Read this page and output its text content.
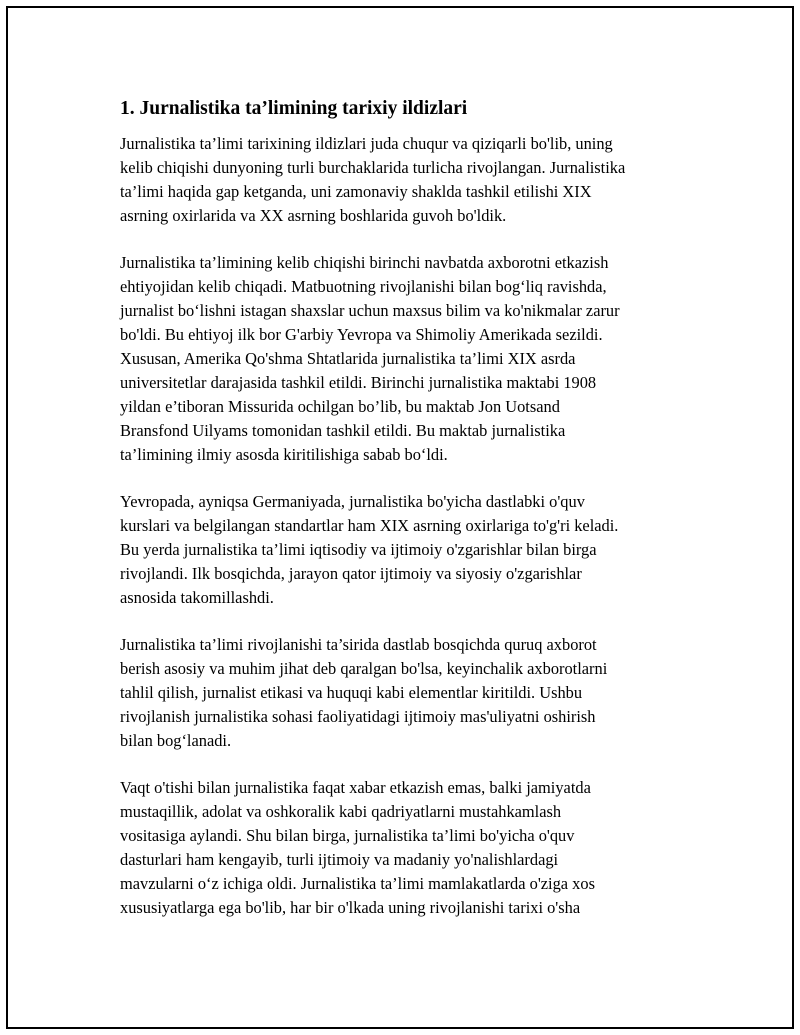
1. Jurnalistika ta’limining tarixiy ildizlari

Jurnalistika ta’limi tarixining ildizlari juda chuqur va qiziqarli bo'lib, uning
kelib chiqishi dunyoning turli burchaklarida turlicha rivojlangan. Jurnalistika
ta’limi haqida gap ketganda, uni zamonaviy shaklda tashkil etilishi XIX
asrning oxirlarida va XX asrning boshlarida guvoh bo'ldik.

Jurnalistika ta’limining kelib chiqishi birinchi navbatda axborotni etkazish
ehtiyojidan kelib chiqadi. Matbuotning rivojlanishi bilan bog‘liq ravishda,
jurnalist bo‘lishni istagan shaxslar uchun maxsus bilim va ko'nikmalar zarur
bo'ldi. Bu ehtiyoj ilk bor G'arbiy Yevropa va Shimoliy Amerikada sezildi.
Xususan, Amerika Qo'shma Shtatlarida jurnalistika ta’limi XIX asrda
universitetlar darajasida tashkil etildi. Birinchi jurnalistika maktabi 1908
yildan e’tiboran Missurida ochilgan bo’lib, bu maktab Jon Uotsand
Bransfond Uilyams tomonidan tashkil etildi. Bu maktab jurnalistika
ta’limining ilmiy asosda kiritilishiga sabab bo‘ldi.

Yevropada, ayniqsa Germaniyada, jurnalistika bo'yicha dastlabki o'quv
kurslari va belgilangan standartlar ham XIX asrning oxirlariga to'g'ri keladi.
Bu yerda jurnalistika ta’limi iqtisodiy va ijtimoiy o'zgarishlar bilan birga
rivojlandi. Ilk bosqichda, jarayon qator ijtimoiy va siyosiy o'zgarishlar
asnosida takomillashdi.

Jurnalistika ta’limi rivojlanishi ta’sirida dastlab bosqichda quruq axborot
berish asosiy va muhim jihat deb qaralgan bo'lsa, keyinchalik axborotlarni
tahlil qilish, jurnalist etikasi va huquqi kabi elementlar kiritildi. Ushbu
rivojlanish jurnalistika sohasi faoliyatidagi ijtimoiy mas'uliyatni oshirish
bilan bog‘lanadi.

Vaqt o'tishi bilan jurnalistika faqat xabar etkazish emas, balki jamiyatda
mustaqillik, adolat va oshkoralik kabi qadriyatlarni mustahkamlash
vositasiga aylandi. Shu bilan birga, jurnalistika ta’limi bo'yicha o'quv
dasturlari ham kengayib, turli ijtimoiy va madaniy yo'nalishlardagi
mavzularni o‘z ichiga oldi. Jurnalistika ta’limi mamlakatlarda o'ziga xos
xususiyatlarga ega bo'lib, har bir o'lkada uning rivojlanishi tarixi o'sha
